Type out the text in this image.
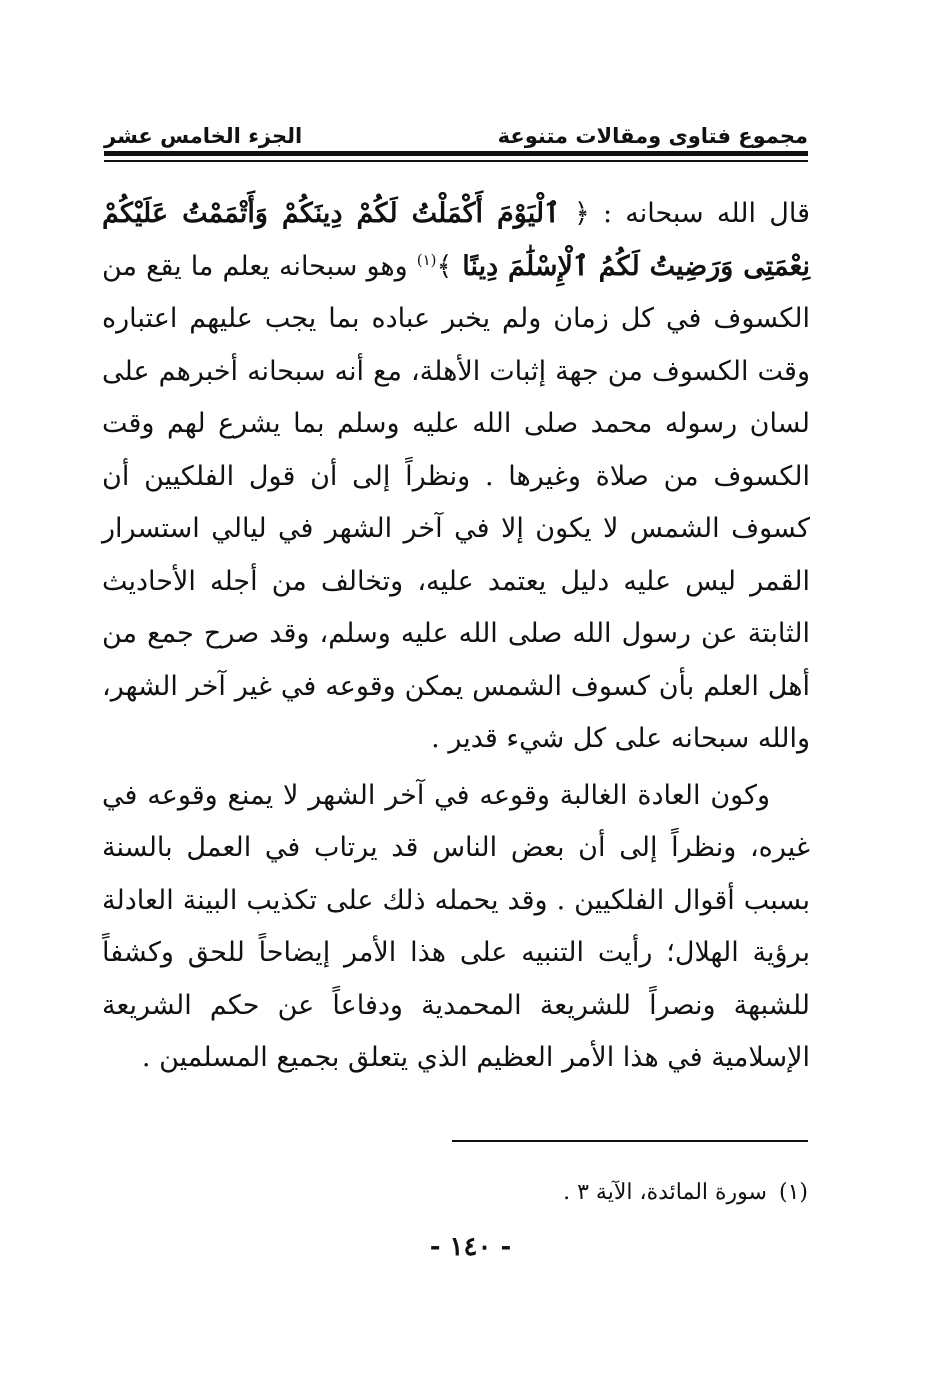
مجموع فتاوى ومقالات متنوعة
الجزء الخامس عشر

قال الله سبحانه : ﴿ ٱلْيَوْمَ أَكْمَلْتُ لَكُمْ دِينَكُمْ وَأَتْمَمْتُ عَلَيْكُمْ نِعْمَتِى وَرَضِيتُ لَكُمُ ٱلْإِسْلَٰمَ دِينًا ﴾$^{(١)}$ وهو سبحانه يعلم ما يقع من الكسوف في كل زمان ولم يخبر عباده بما يجب عليهم اعتباره وقت الكسوف من جهة إثبات الأهلة، مع أنه سبحانه أخبرهم على لسان رسوله محمد صلى الله عليه وسلم بما يشرع لهم وقت الكسوف من صلاة وغيرها . ونظراً إلى أن قول الفلكيين أن كسوف الشمس لا يكون إلا في آخر الشهر في ليالي استسرار القمر ليس عليه دليل يعتمد عليه، وتخالف من أجله الأحاديث الثابتة عن رسول الله صلى الله عليه وسلم، وقد صرح جمع من أهل العلم بأن كسوف الشمس يمكن وقوعه في غير آخر الشهر، والله سبحانه على كل شيء قدير .

وكون العادة الغالبة وقوعه في آخر الشهر لا يمنع وقوعه في غيره، ونظراً إلى أن بعض الناس قد يرتاب في العمل بالسنة بسبب أقوال الفلكيين . وقد يحمله ذلك على تكذيب البينة العادلة برؤية الهلال؛ رأيت التنبيه على هذا الأمر إيضاحاً للحق وكشفاً للشبهة ونصراً للشريعة المحمدية ودفاعاً عن حكم الشريعة الإسلامية في هذا الأمر العظيم الذي يتعلق بجميع المسلمين .

(١)سورة المائدة، الآية ٣ .
- ١٤٠ -
